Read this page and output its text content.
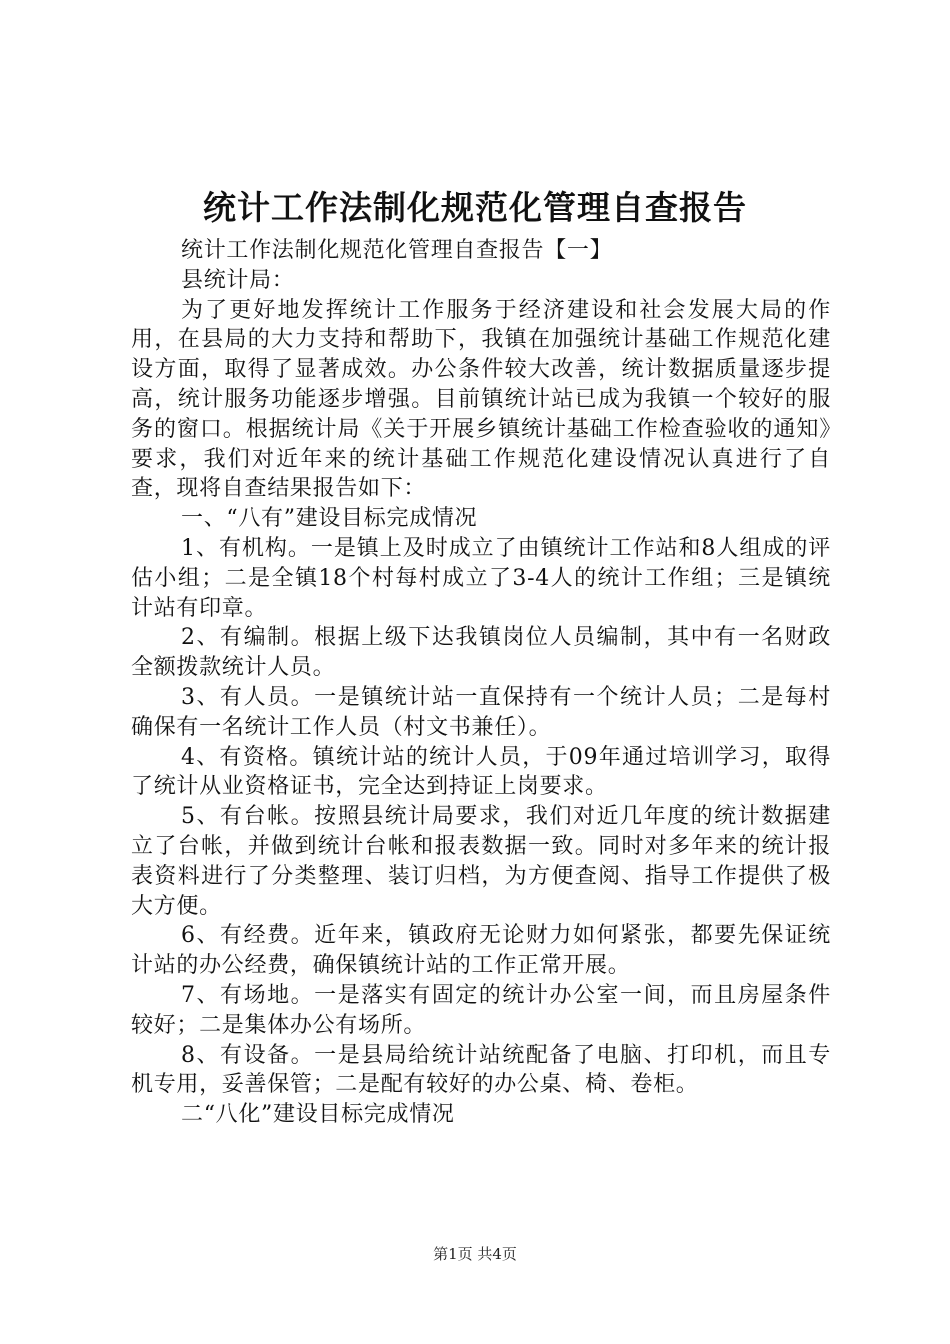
统计工作法制化规范化管理自查报告

统计工作法制化规范化管理自查报告【一】

县统计局：

为了更好地发挥统计工作服务于经济建设和社会发展大局的作用，在县局的大力支持和帮助下，我镇在加强统计基础工作规范化建设方面，取得了显著成效。办公条件较大改善，统计数据质量逐步提高，统计服务功能逐步增强。目前镇统计站已成为我镇一个较好的服务的窗口。根据统计局《关于开展乡镇统计基础工作检查验收的通知》要求，我们对近年来的统计基础工作规范化建设情况认真进行了自查，现将自查结果报告如下：

一、“八有”建设目标完成情况

1、有机构。一是镇上及时成立了由镇统计工作站和8人组成的评估小组；二是全镇18个村每村成立了3-4人的统计工作组；三是镇统计站有印章。

2、有编制。根据上级下达我镇岗位人员编制，其中有一名财政全额拨款统计人员。

3、有人员。一是镇统计站一直保持有一个统计人员；二是每村确保有一名统计工作人员（村文书兼任）。

4、有资格。镇统计站的统计人员，于09年通过培训学习，取得了统计从业资格证书，完全达到持证上岗要求。

5、有台帐。按照县统计局要求，我们对近几年度的统计数据建立了台帐，并做到统计台帐和报表数据一致。同时对多年来的统计报表资料进行了分类整理、装订归档，为方便查阅、指导工作提供了极大方便。

6、有经费。近年来，镇政府无论财力如何紧张，都要先保证统计站的办公经费，确保镇统计站的工作正常开展。

7、有场地。一是落实有固定的统计办公室一间，而且房屋条件较好；二是集体办公有场所。

8、有设备。一是县局给统计站统配备了电脑、打印机，而且专机专用，妥善保管；二是配有较好的办公桌、椅、卷柜。

二“八化”建设目标完成情况

第1页 共4页
